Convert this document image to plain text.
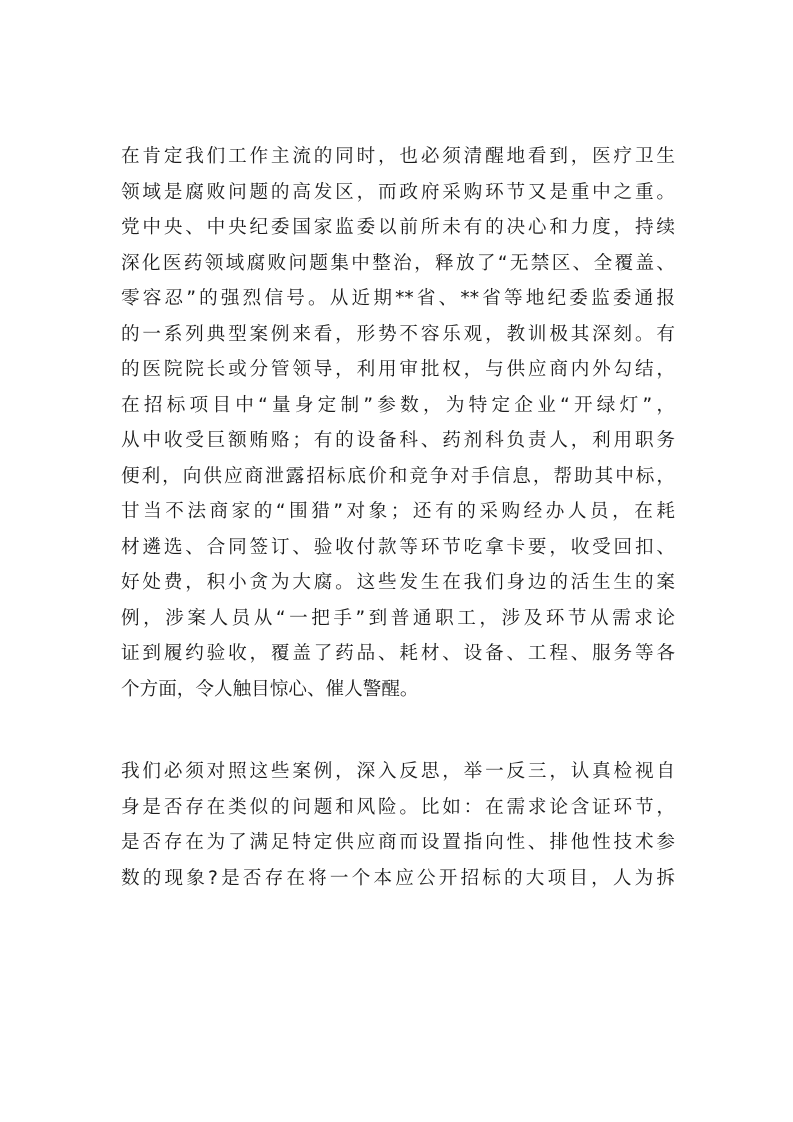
在肯定我们工作主流的同时，也必须清醒地看到，医疗卫生
领域是腐败问题的高发区，而政府采购环节又是重中之重。
党中央、中央纪委国家监委以前所未有的决心和力度，持续
深化医药领域腐败问题集中整治，释放了“无禁区、全覆盖、
零容忍”的强烈信号。从近期**省、**省等地纪委监委通报
的一系列典型案例来看，形势不容乐观，教训极其深刻。有
的医院院长或分管领导，利用审批权，与供应商内外勾结，
在招标项目中“量身定制”参数，为特定企业“开绿灯”，
从中收受巨额贿赂；有的设备科、药剂科负责人，利用职务
便利，向供应商泄露招标底价和竞争对手信息，帮助其中标，
甘当不法商家的“围猎”对象；还有的采购经办人员，在耗
材遴选、合同签订、验收付款等环节吃拿卡要，收受回扣、
好处费，积小贪为大腐。这些发生在我们身边的活生生的案
例，涉案人员从“一把手”到普通职工，涉及环节从需求论
证到履约验收，覆盖了药品、耗材、设备、工程、服务等各
个方面，令人触目惊心、催人警醒。
我们必须对照这些案例，深入反思，举一反三，认真检视自
身是否存在类似的问题和风险。比如：在需求论含证环节，
是否存在为了满足特定供应商而设置指向性、排他性技术参
数的现象?是否存在将一个本应公开招标的大项目，人为拆
